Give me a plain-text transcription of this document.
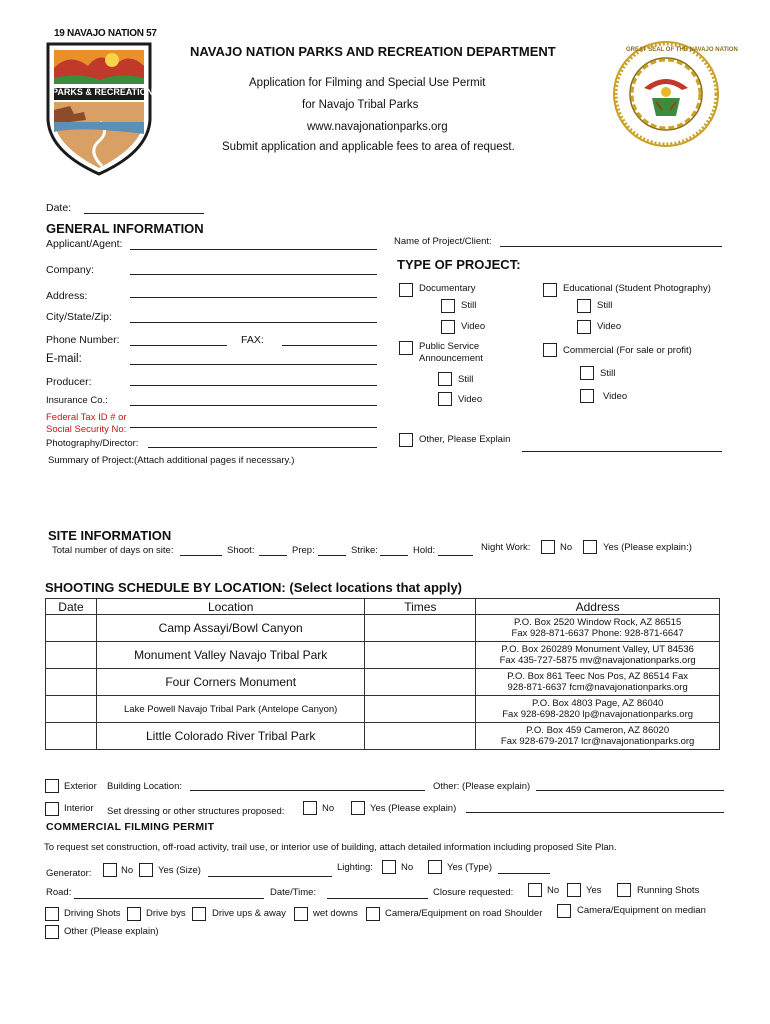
19 NAVAJO NATION 57
PARKS & RECREATION
GREAT SEAL OF THE NAVAJO NATION
NAVAJO NATION PARKS AND RECREATION DEPARTMENT
Application for Filming and Special Use Permit
for Navajo Tribal Parks
www.navajonationparks.org
Submit application and applicable fees to area of request.
Date:
GENERAL INFORMATION
Applicant/Agent:
Company:
Address:
City/State/Zip:
Phone Number:	FAX:
E-mail:
Producer:
Insurance Co.:
Federal Tax ID # or
Social Security No:
Photography/Director:
Summary of Project:(Attach additional pages if necessary.)
Name of Project/Client:
TYPE OF PROJECT:
Documentary
Still
Video
Educational (Student Photography)
Still
Video
Public Service
Announcement
Still
Video
Commercial (For sale or profit)
Still
Video
Other, Please Explain
SITE INFORMATION
Total number of days on site:	Shoot:	Prep:	Strike:	Hold:	Night Work:	No	Yes (Please explain:)
SHOOTING SCHEDULE BY LOCATION: (Select locations that apply)
Date	Location	Times	Address
	Camp Assayi/Bowl Canyon		P.O. Box 2520 Window Rock, AZ 86515
Fax 928-871-6637 Phone: 928-871-6647

	Monument Valley Navajo Tribal Park		P.O. Box 260289 Monument Valley, UT 84536
Fax 435-727-5875 mv@navajonationparks.org

	Four Corners Monument		P.O. Box 861 Teec Nos Pos, AZ 86514 Fax
928-871-6637 fcm@navajonationparks.org

	Lake Powell Navajo Tribal Park (Antelope Canyon)		P.O. Box 4803 Page, AZ 86040
Fax 928-698-2820 lp@navajonationparks.org

	Little Colorado River Tribal Park		P.O. Box 459 Cameron, AZ 86020
Fax 928-679-2017 lcr@navajonationparks.org
Exterior Building Location:	Other: (Please explain)
Interior Set dressing or other structures proposed:	No	Yes (Please explain)
COMMERCIAL FILMING PERMIT
To request set construction, off-road activity, trail use, or interior use of building, attach detailed information including proposed Site Plan.
Generator:	No	Yes (Size)	Lighting:	No	Yes (Type)
Road:	Date/Time:	Closure requested:	No	Yes	Running Shots
Driving Shots	Drive bys	Drive ups & away	wet downs	Camera/Equipment on road Shoulder	Camera/Equipment on median
Other (Please explain)
